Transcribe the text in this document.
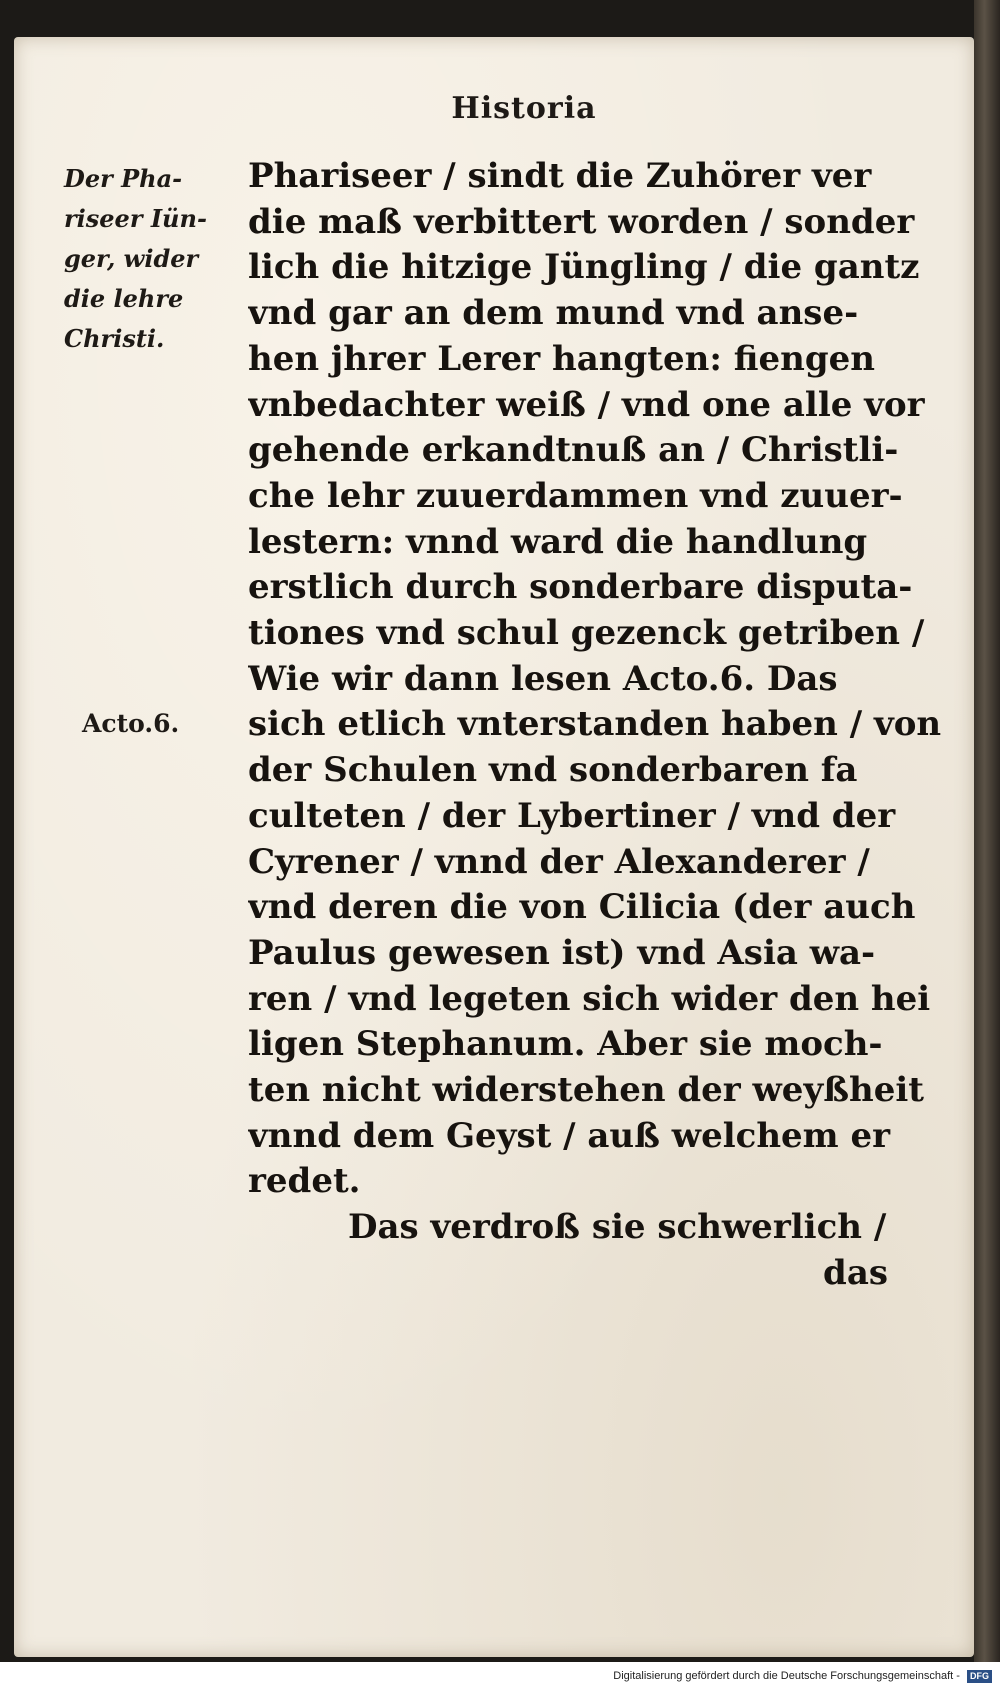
Historia
Der Pha-
riseer Iün-
ger, wider
die lehre
Christi.
Acto.6.
Phariseer / sindt die Zuhörer ver
die maß verbittert worden / sonder
lich die hitzige Jüngling / die gantz
vnd gar an dem mund vnd anse-
hen jhrer Lerer hangten: fiengen
vnbedachter weiß / vnd one alle vor
gehende erkandtnuß an / Christli-
che lehr zuuerdammen vnd zuuer-
lestern: vnnd ward die handlung
erstlich durch sonderbare disputa-
tiones vnd schul gezenck getriben /
Wie wir dann lesen Acto.6. Das
sich etlich vnterstanden haben / von
der Schulen vnd sonderbaren fa
culteten / der Lybertiner / vnd der
Cyrener / vnnd der Alexanderer /
vnd deren die von Cilicia (der auch
Paulus gewesen ist) vnd Asia wa-
ren / vnd legeten sich wider den hei
ligen Stephanum. Aber sie moch-
ten nicht widerstehen der weyßheit
vnnd dem Geyst / auß welchem er
redet.
Das verdroß sie schwerlich /
das
Digitalisierung gefördert durch die Deutsche Forschungsgemeinschaft - DFG
